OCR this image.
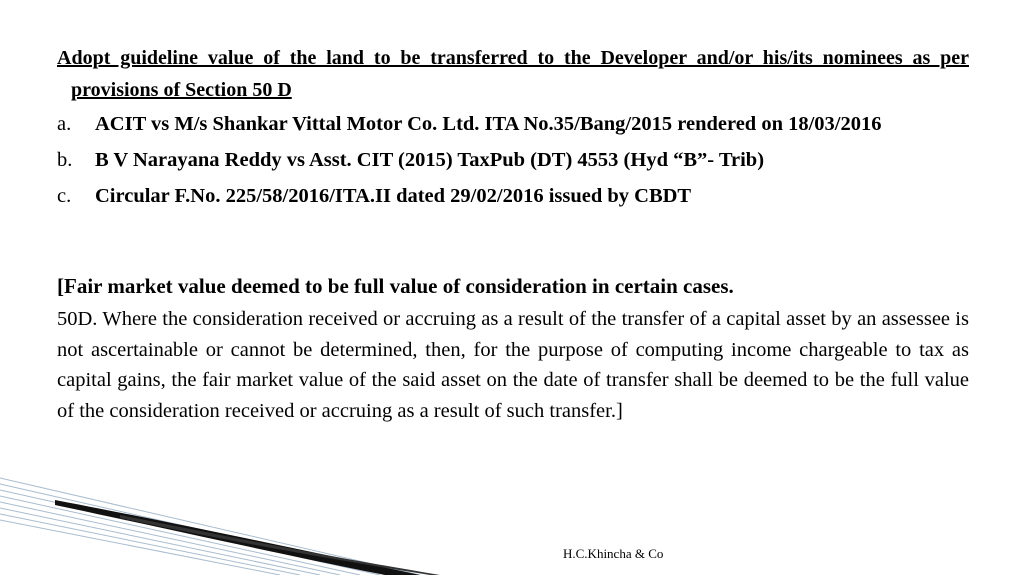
Adopt guideline value of the land to be transferred to the Developer and/or his/its nominees as per provisions of Section 50 D

a. ACIT vs M/s Shankar Vittal Motor Co. Ltd. ITA No.35/Bang/2015 rendered on 18/03/2016
b. B V Narayana Reddy vs Asst. CIT (2015) TaxPub (DT) 4553 (Hyd “B”- Trib)
c. Circular F.No. 225/58/2016/ITA.II dated 29/02/2016 issued by CBDT

[Fair market value deemed to be full value of consideration in certain cases.

50D. Where the consideration received or accruing as a result of the transfer of a capital asset by an assessee is not ascertainable or cannot be determined, then, for the purpose of computing income chargeable to tax as capital gains, the fair market value of the said asset on the date of transfer shall be deemed to be the full value of the consideration received or accruing as a result of such transfer.]

H.C.Khincha & Co
